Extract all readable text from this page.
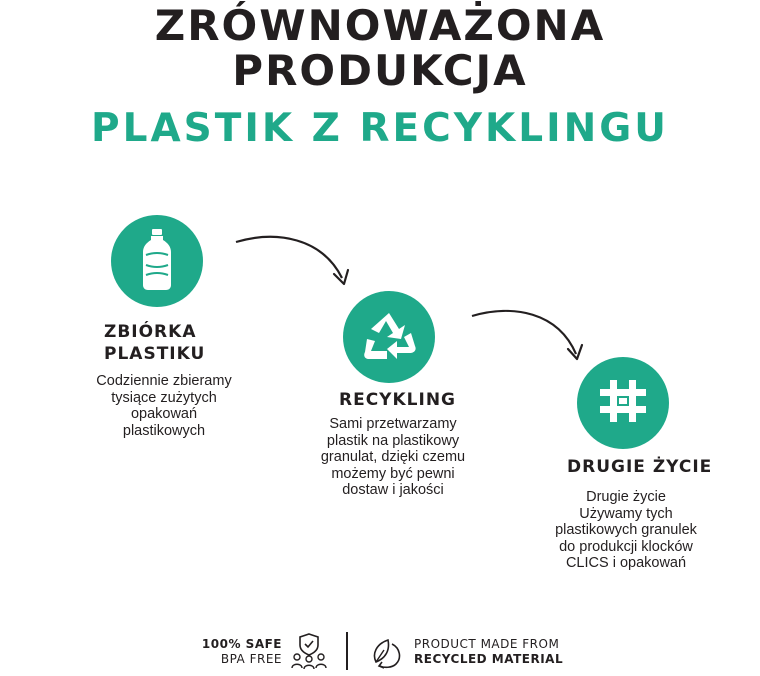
ZRÓWNOWAŻONA
PRODUKCJA
PLASTIK Z RECYKLINGU
ZBIÓRKA
PLASTIKU
Codziennie zbieramy
tysiące zużytych
opakowań
plastikowych
RECYKLING
Sami przetwarzamy
plastik na plastikowy
granulat, dzięki czemu
możemy być pewni
dostaw i jakości
DRUGIE ŻYCIE
Drugie życie
Używamy tych
plastikowych granulek
do produkcji klocków
CLICS i opakowań
100% SAFE
BPA FREE
PRODUCT MADE FROM
RECYCLED MATERIAL
